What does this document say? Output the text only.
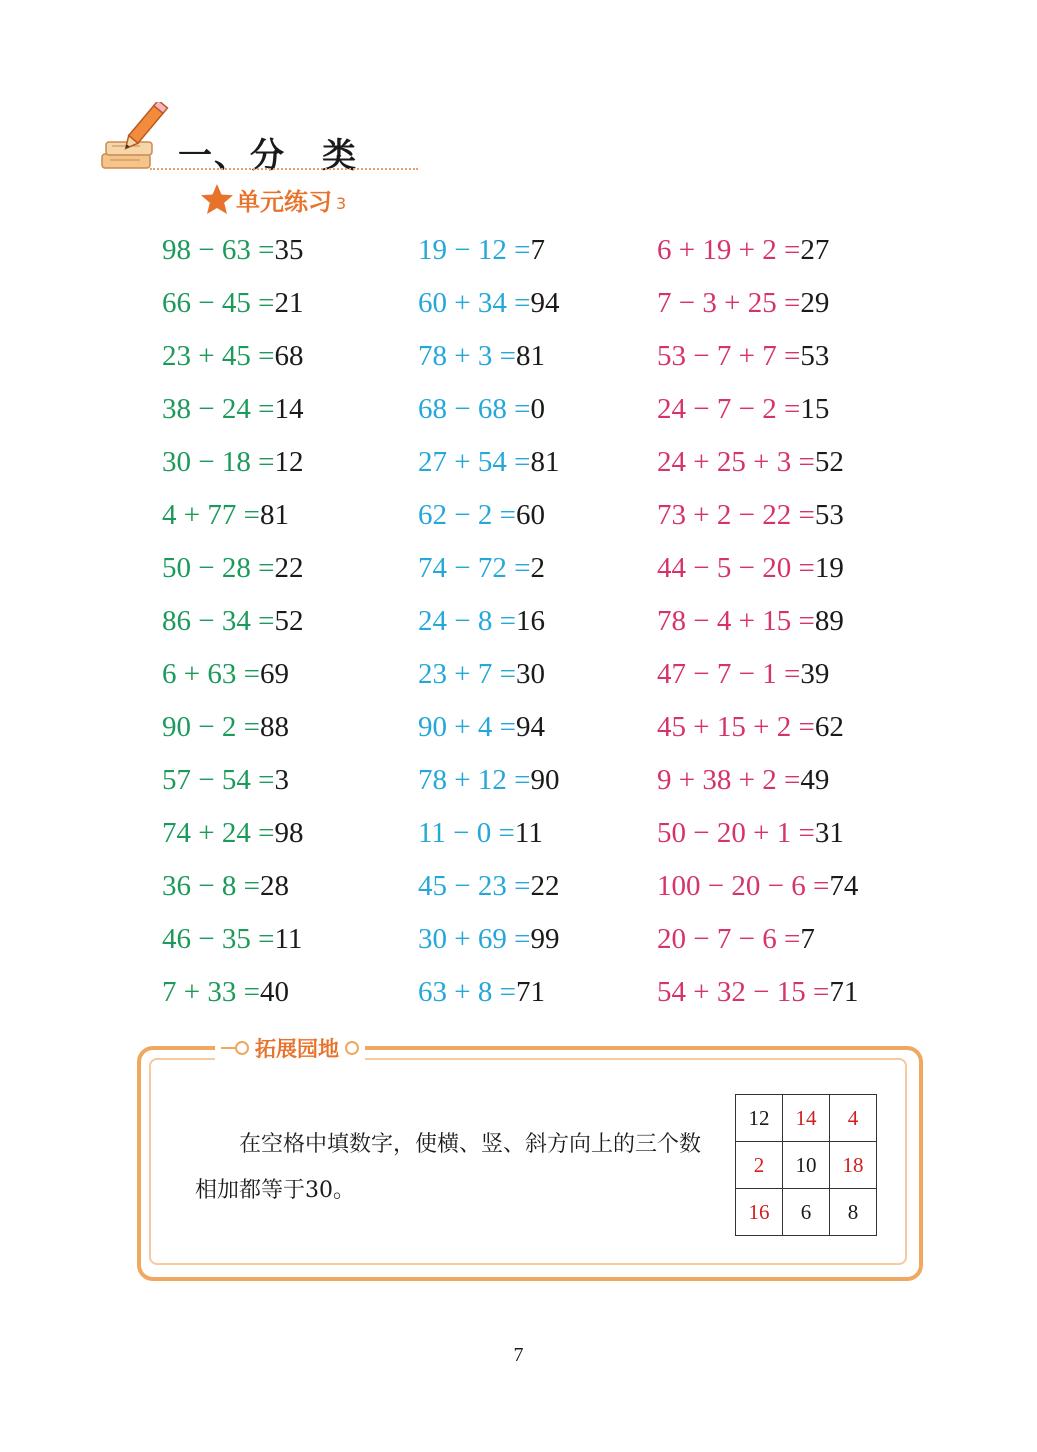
一、分　类
单元练习 3
98 − 63 = 35
66 − 45 = 21
23 + 45 = 68
38 − 24 = 14
30 − 18 = 12
4 + 77 = 81
50 − 28 = 22
86 − 34 = 52
6 + 63 = 69
90 − 2 = 88
57 − 54 = 3
74 + 24 = 98
36 − 8 = 28
46 − 35 = 11
7 + 33 = 40
19 − 12 = 7
60 + 34 = 94
78 + 3 = 81
68 − 68 = 0
27 + 54 = 81
62 − 2 = 60
74 − 72 = 2
24 − 8 = 16
23 + 7 = 30
90 + 4 = 94
78 + 12 = 90
11 − 0 = 11
45 − 23 = 22
30 + 69 = 99
63 + 8 = 71
6 + 19 + 2 = 27
7 − 3 + 25 = 29
53 − 7 + 7 = 53
24 − 7 − 2 = 15
24 + 25 + 3 = 52
73 + 2 − 22 = 53
44 − 5 − 20 = 19
78 − 4 + 15 = 89
47 − 7 − 1 = 39
45 + 15 + 2 = 62
9 + 38 + 2 = 49
50 − 20 + 1 = 31
100 − 20 − 6 = 74
20 − 7 − 6 = 7
54 + 32 − 15 = 71
拓展园地
在空格中填数字，使横、竖、斜方向上的三个数相加都等于30。
12	14	4
2	10	18
16	6	8
7
